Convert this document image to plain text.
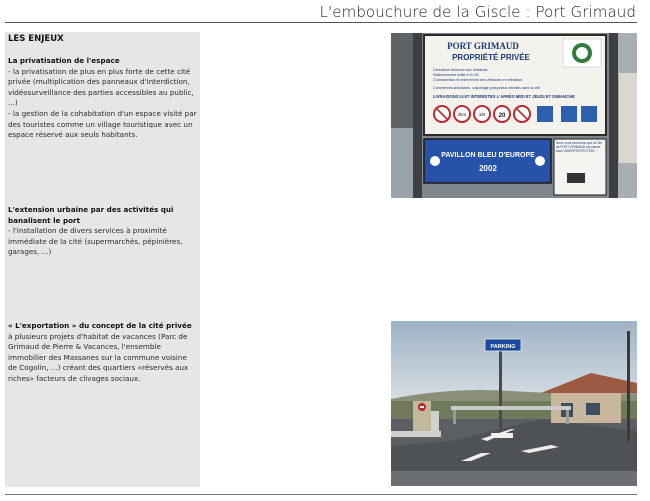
L'embouchure de la Giscle : Port Grimaud
LES ENJEUX
La privatisation de l'espace

- la privatisation de plus en plus forte de cette cité privée (multiplication des panneaux d'interdiction, vidéosurveillance des parties accessibles au public, ...)

- la gestion de la cohabitation d'un espace visité par des touristes comme un village touristique avec un espace réservé aux seuls habitants.

L'extension urbaine par des activités qui banalisent le port

- l'installation de divers services à proximité immédiate de la cité (supermarchés, pépinières, garages, ...)

« L'exportation » du concept de la cité privée

à plusieurs projets d'habitat de vacances (Parc de Grimaud de Pierre & Vacances, l'ensemble immobilier des Massanes sur la commune voisine de Cogolin, ...) créant des quartiers «réservés aux riches» facteurs de clivages sociaux.

PORT GRIMAUD
PROPRIÉTÉ PRIVÉE
Circulation réservée aux résidents.
Stationnement limité à 1h 00.
Contravention et enlèvement des véhicules en infraction.
Commerces ambulants, colportage prospectus interdits dans la cité.
LIVRAISONS>3.5T INTERDITES L'APRÈS MIDI ET JEUDI ET DIMANCHE
2km	10t 20
PAVILLON BLEU D'EUROPE
2002
Nous vous informons que la Cité de PORT GRIMAUD est placée sous VIDÉOPROTECTION
PARKING
